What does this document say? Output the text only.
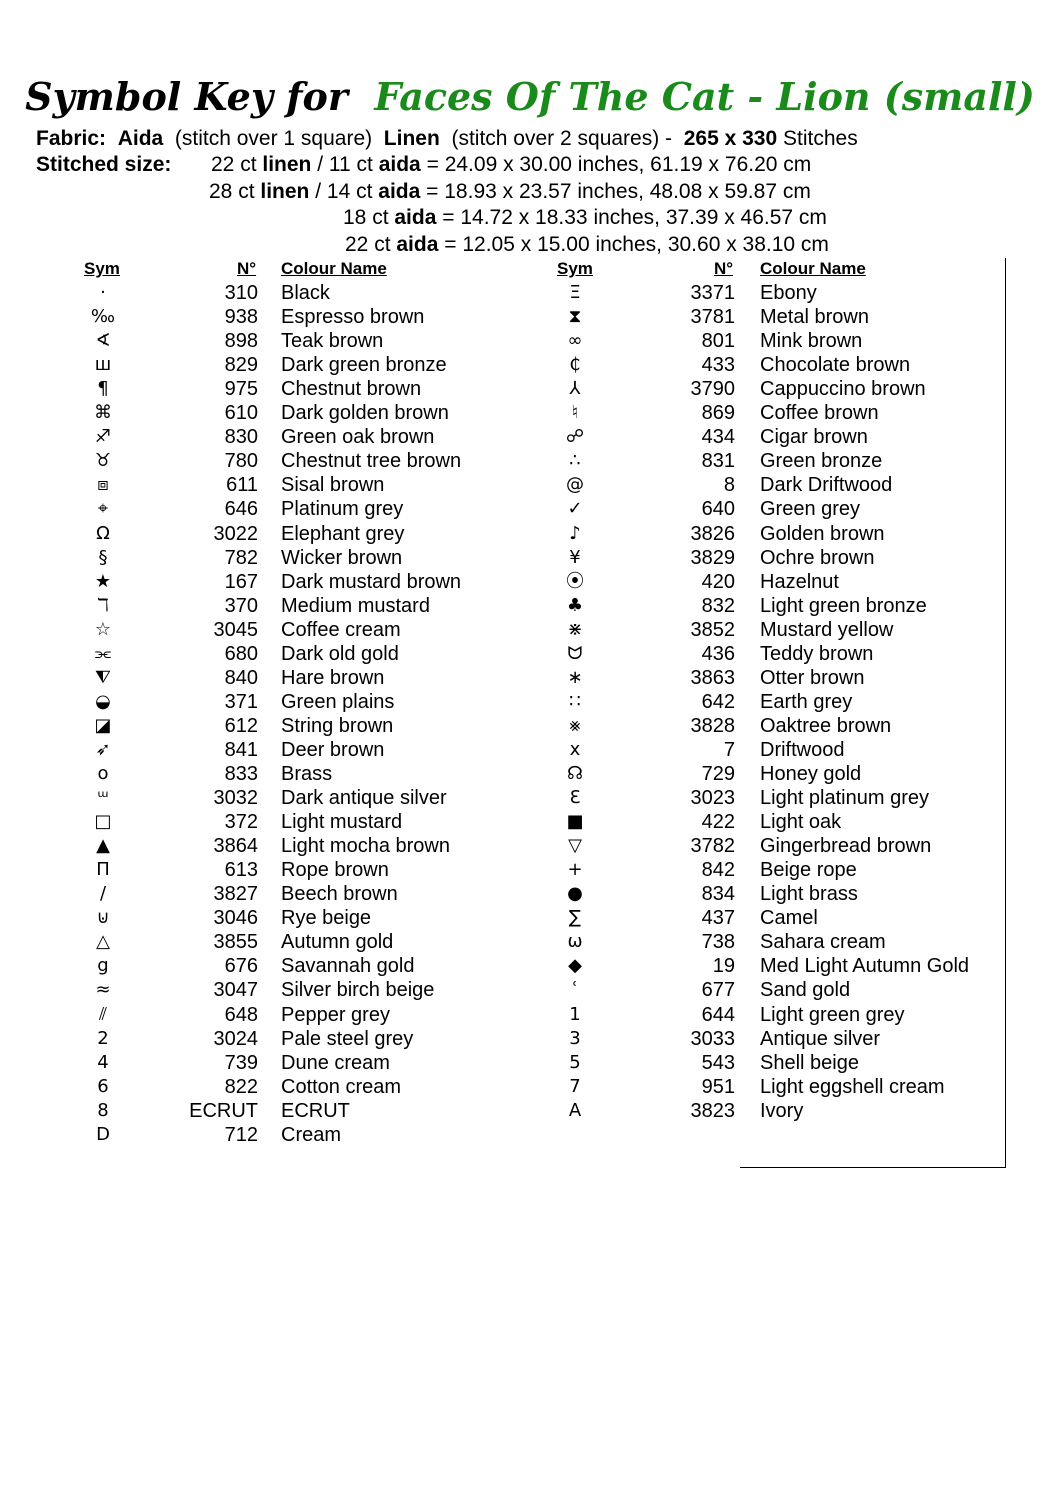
Symbol Key for Faces Of The Cat - Lion (small)
Fabric: Aida (stitch over 1 square) Linen (stitch over 2 squares) - 265 x 330 Stitches
Stitched size: 22 ct linen / 11 ct aida = 24.09 x 30.00 inches, 61.19 x 76.20 cm
28 ct linen / 14 ct aida = 18.93 x 23.57 inches, 48.08 x 59.87 cm
18 ct aida = 14.72 x 18.33 inches, 37.39 x 46.57 cm
22 ct aida = 12.05 x 15.00 inches, 30.60 x 38.10 cm
Sym	N° Colour Name	Sym	N° Colour Name
·	310 Black
‰	938 Espresso brown
∢	898 Teak brown
ш	829 Dark green bronze
¶	975 Chestnut brown
⌘	610 Dark golden brown
♐	830 Green oak brown
♉	780 Chestnut tree brown
⧈	611 Sisal brown
⌖	646 Platinum grey
Ω	3022 Elephant grey
§	782 Wicker brown
★	167 Dark mustard brown
ℸ	370 Medium mustard
☆	3045 Coffee cream
⫘	680 Dark old gold
⧨	840 Hare brown
◒	371 Green plains
◪	612 String brown
➶	841 Deer brown
o	833 Brass
ᵚ	3032 Dark antique silver
□	372 Light mustard
▲	3864 Light mocha brown
Π	613 Rope brown
/	3827 Beech brown
⊍	3046 Rye beige
△	3855 Autumn gold
g	676 Savannah gold
≈	3047 Silver birch beige
⫽	648 Pepper grey
2	3024 Pale steel grey
4	739 Dune cream
6	822 Cotton cream
8	ECRUT ECRUT
D	712 Cream
Ξ	3371 Ebony
⧗	3781 Metal brown
∞	801 Mink brown
₵	433 Chocolate brown
⅄	3790 Cappuccino brown
♮	869 Coffee brown
☍	434 Cigar brown
∴	831 Green bronze
@	8 Dark Driftwood
✓	640 Green grey
♪	3826 Golden brown
¥	3829 Ochre brown
⦿	420 Hazelnut
♣	832 Light green bronze
⋇	3852 Mustard yellow
ᗢ	436 Teddy brown
∗	3863 Otter brown
∷	642 Earth grey
⨳	3828 Oaktree brown
x	7 Driftwood
☊	729 Honey gold
Ɛ	3023 Light platinum grey
■	422 Light oak
▽	3782 Gingerbread brown
+	842 Beige rope
●	834 Light brass
∑	437 Camel
ω	738 Sahara cream
◆	19 Med Light Autumn Gold
ʿ	677 Sand gold
1	644 Light green grey
3	3033 Antique silver
5	543 Shell beige
7	951 Light eggshell cream
A	3823 Ivory
